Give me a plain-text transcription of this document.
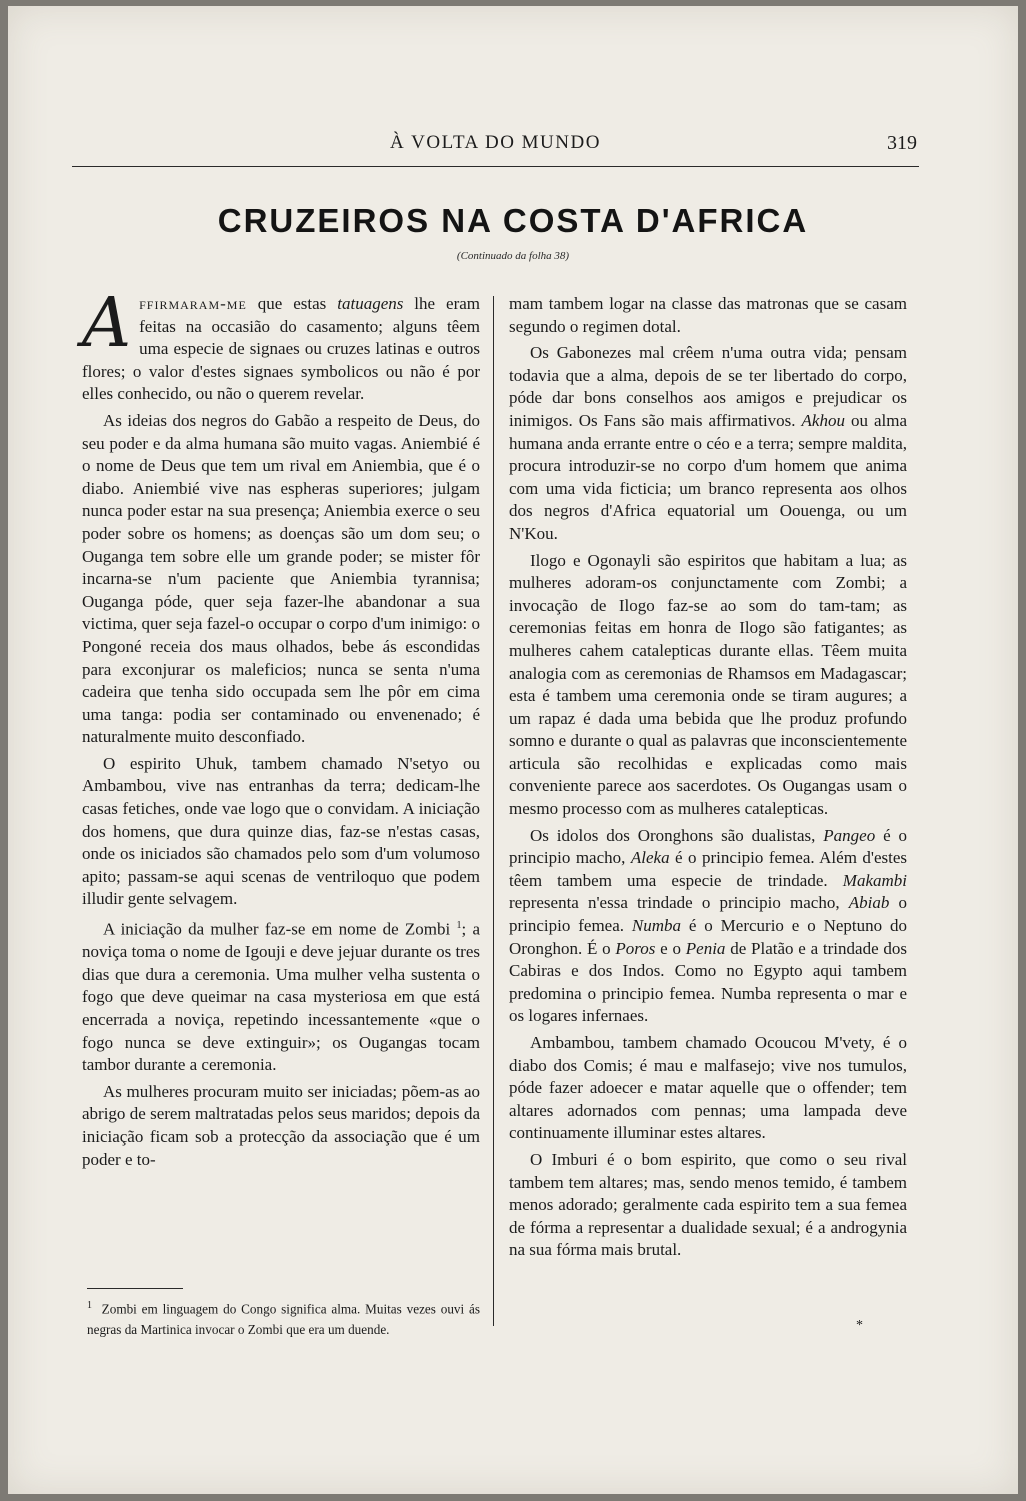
À VOLTA DO MUNDO	319
CRUZEIROS NA COSTA D'AFRICA
(Continuado da folha 38)

Affirmaram-me que estas tatuagens lhe eram feitas na occasião do casamento; alguns têem uma especie de signaes ou cruzes latinas e outros flores; o valor d'estes signaes symbolicos ou não é por elles conhecido, ou não o querem revelar.

As ideias dos negros do Gabão a respeito de Deus, do seu poder e da alma humana são muito vagas. Aniembié é o nome de Deus que tem um rival em Aniembia, que é o diabo. Aniembié vive nas espheras superiores; julgam nunca poder estar na sua presença; Aniembia exerce o seu poder sobre os homens; as doenças são um dom seu; o Ouganga tem sobre elle um grande poder; se mister fôr incarna-se n'um paciente que Aniembia tyrannisa; Ouganga póde, quer seja fazer-lhe abandonar a sua victima, quer seja fazel-o occupar o corpo d'um inimigo: o Pongoné receia dos maus olhados, bebe ás escondidas para exconjurar os maleficios; nunca se senta n'uma cadeira que tenha sido occupada sem lhe pôr em cima uma tanga: podia ser contaminado ou envenenado; é naturalmente muito desconfiado.

O espirito Uhuk, tambem chamado N'setyo ou Ambambou, vive nas entranhas da terra; dedicam-lhe casas fetiches, onde vae logo que o convidam. A iniciação dos homens, que dura quinze dias, faz-se n'estas casas, onde os iniciados são chamados pelo som d'um volumoso apito; passam-se aqui scenas de ventriloquo que podem illudir gente selvagem.

A iniciação da mulher faz-se em nome de Zombi $^1$; a noviça toma o nome de Igouji e deve jejuar durante os tres dias que dura a ceremonia. Uma mulher velha sustenta o fogo que deve queimar na casa mysteriosa em que está encerrada a noviça, repetindo incessantemente «que o fogo nunca se deve extinguir»; os Ougangas tocam tambor durante a ceremonia.

As mulheres procuram muito ser iniciadas; põem-as ao abrigo de serem maltratadas pelos seus maridos; depois da iniciação ficam sob a protecção da associação que é um poder e to-

mam tambem logar na classe das matronas que se casam segundo o regimen dotal.

Os Gabonezes mal crêem n'uma outra vida; pensam todavia que a alma, depois de se ter libertado do corpo, póde dar bons conselhos aos amigos e prejudicar os inimigos. Os Fans são mais affirmativos. Akhou ou alma humana anda errante entre o céo e a terra; sempre maldita, procura introduzir-se no corpo d'um homem que anima com uma vida ficticia; um branco representa aos olhos dos negros d'Africa equatorial um Oouenga, ou um N'Kou.

Ilogo e Ogonayli são espiritos que habitam a lua; as mulheres adoram-os conjunctamente com Zombi; a invocação de Ilogo faz-se ao som do tam-tam; as ceremonias feitas em honra de Ilogo são fatigantes; as mulheres cahem catalepticas durante ellas. Têem muita analogia com as ceremonias de Rhamsos em Madagascar; esta é tambem uma ceremonia onde se tiram augures; a um rapaz é dada uma bebida que lhe produz profundo somno e durante o qual as palavras que inconscientemente articula são recolhidas e explicadas como mais conveniente parece aos sacerdotes. Os Ougangas usam o mesmo processo com as mulheres catalepticas.

Os idolos dos Oronghons são dualistas, Pangeo é o principio macho, Aleka é o principio femea. Além d'estes têem tambem uma especie de trindade. Makambi representa n'essa trindade o principio macho, Abiab o principio femea. Numba é o Mercurio e o Neptuno do Oronghon. É o Poros e o Penia de Platão e a trindade dos Cabiras e dos Indos. Como no Egypto aqui tambem predomina o principio femea. Numba representa o mar e os logares infernaes.

Ambambou, tambem chamado Ocoucou M'vety, é o diabo dos Comis; é mau e malfasejo; vive nos tumulos, póde fazer adoecer e matar aquelle que o offender; tem altares adornados com pennas; uma lampada deve continuamente illuminar estes altares.

O Imburi é o bom espirito, que como o seu rival tambem tem altares; mas, sendo menos temido, é tambem menos adorado; geralmente cada espirito tem a sua femea de fórma a representar a dualidade sexual; é a androgynia na sua fórma mais brutal.

*
$^1$ Zombi em linguagem do Congo significa alma. Muitas vezes ouvi ás negras da Martinica invocar o Zombi que era um duende.
